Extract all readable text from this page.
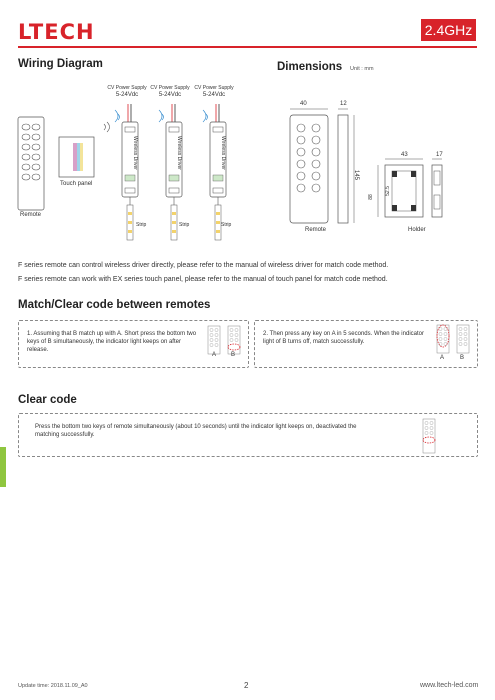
LTECH	2.4GHz
Wiring Diagram	Dimensions Unit : mm
CV Power Supply
5-24Vdc
CV Power Supply
5-24Vdc
CV Power Supply
5-24Vdc
Wireless Driver	Wireless Driver	Wireless Driver
Strip	Strip	Strip
Touch panel
Remote
40	12
145
Remote
43	17
88
52.5
Holder
F series remote can control wireless driver directly, please refer to the manual of wireless driver for match code method.
F series remote can work with EX series touch panel, please refer to the manual of touch panel for match code method.
Match/Clear code between remotes
1. Assuming that B match up with A. Short press the bottom two keys of B simultaneously, the indicator light keeps on after release.
A B
2. Then press any key on A in 5 seconds. When the indicator light of B turns off, match successfully.
A	B
Clear code
Press the bottom two keys of remote simultaneously (about 10 seconds) until the indicator light keeps on, deactivated the matching successfully.
Update time: 2018.11.09_A0	2	www.ltech-led.com
